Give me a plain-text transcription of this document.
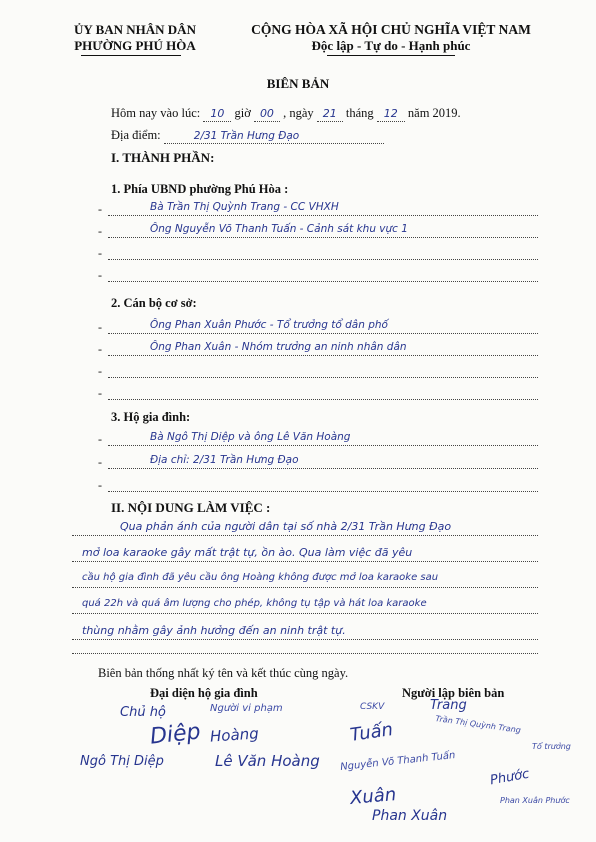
ỦY BAN NHÂN DÂN
PHƯỜNG PHÚ HÒA
CỘNG HÒA XÃ HỘI CHỦ NGHĨA VIỆT NAM
Độc lập - Tự do - Hạnh phúc
BIÊN BẢN
Hôm nay vào lúc: 10 giờ 00 , ngày 21 tháng 12 năm 2019.
Địa điểm:	2/31 Trần Hưng Đạo
I. THÀNH PHẦN:
1. Phía UBND phường Phú Hòa :
-	Bà Trần Thị Quỳnh Trang - CC VHXH
-	Ông Nguyễn Võ Thanh Tuấn - Cảnh sát khu vực 1
-
-
2. Cán bộ cơ sở:
-	Ông Phan Xuân Phước - Tổ trưởng tổ dân phố
-	Ông Phan Xuân - Nhóm trưởng an ninh nhân dân
-
-
3. Hộ gia đình:
-	Bà Ngô Thị Diệp và ông Lê Văn Hoàng
-	Địa chỉ: 2/31 Trần Hưng Đạo
-
II. NỘI DUNG LÀM VIỆC :
Qua phản ánh của người dân tại số nhà 2/31 Trần Hưng Đạo
mở loa karaoke gây mất trật tự, ồn ào. Qua làm việc đã yêu
cầu hộ gia đình đã yêu cầu ông Hoàng không được mở loa karaoke sau
quá 22h và quá âm lượng cho phép, không tụ tập và hát loa karaoke
thùng nhằm gây ảnh hưởng đến an ninh trật tự.
Biên bản thống nhất ký tên và kết thúc cùng ngày.
Đại diện hộ gia đình	Người lập biên bản
Chủ hộ	Người vi phạm
Diệp Hoàng
Ngô Thị Diệp	Lê Văn Hoàng
CSKV
Tuấn
Nguyễn Võ Thanh Tuấn
Trang
Trần Thị Quỳnh Trang
Tổ trưởng
Phước
Phan Xuân Phước
Xuân
Phan Xuân
